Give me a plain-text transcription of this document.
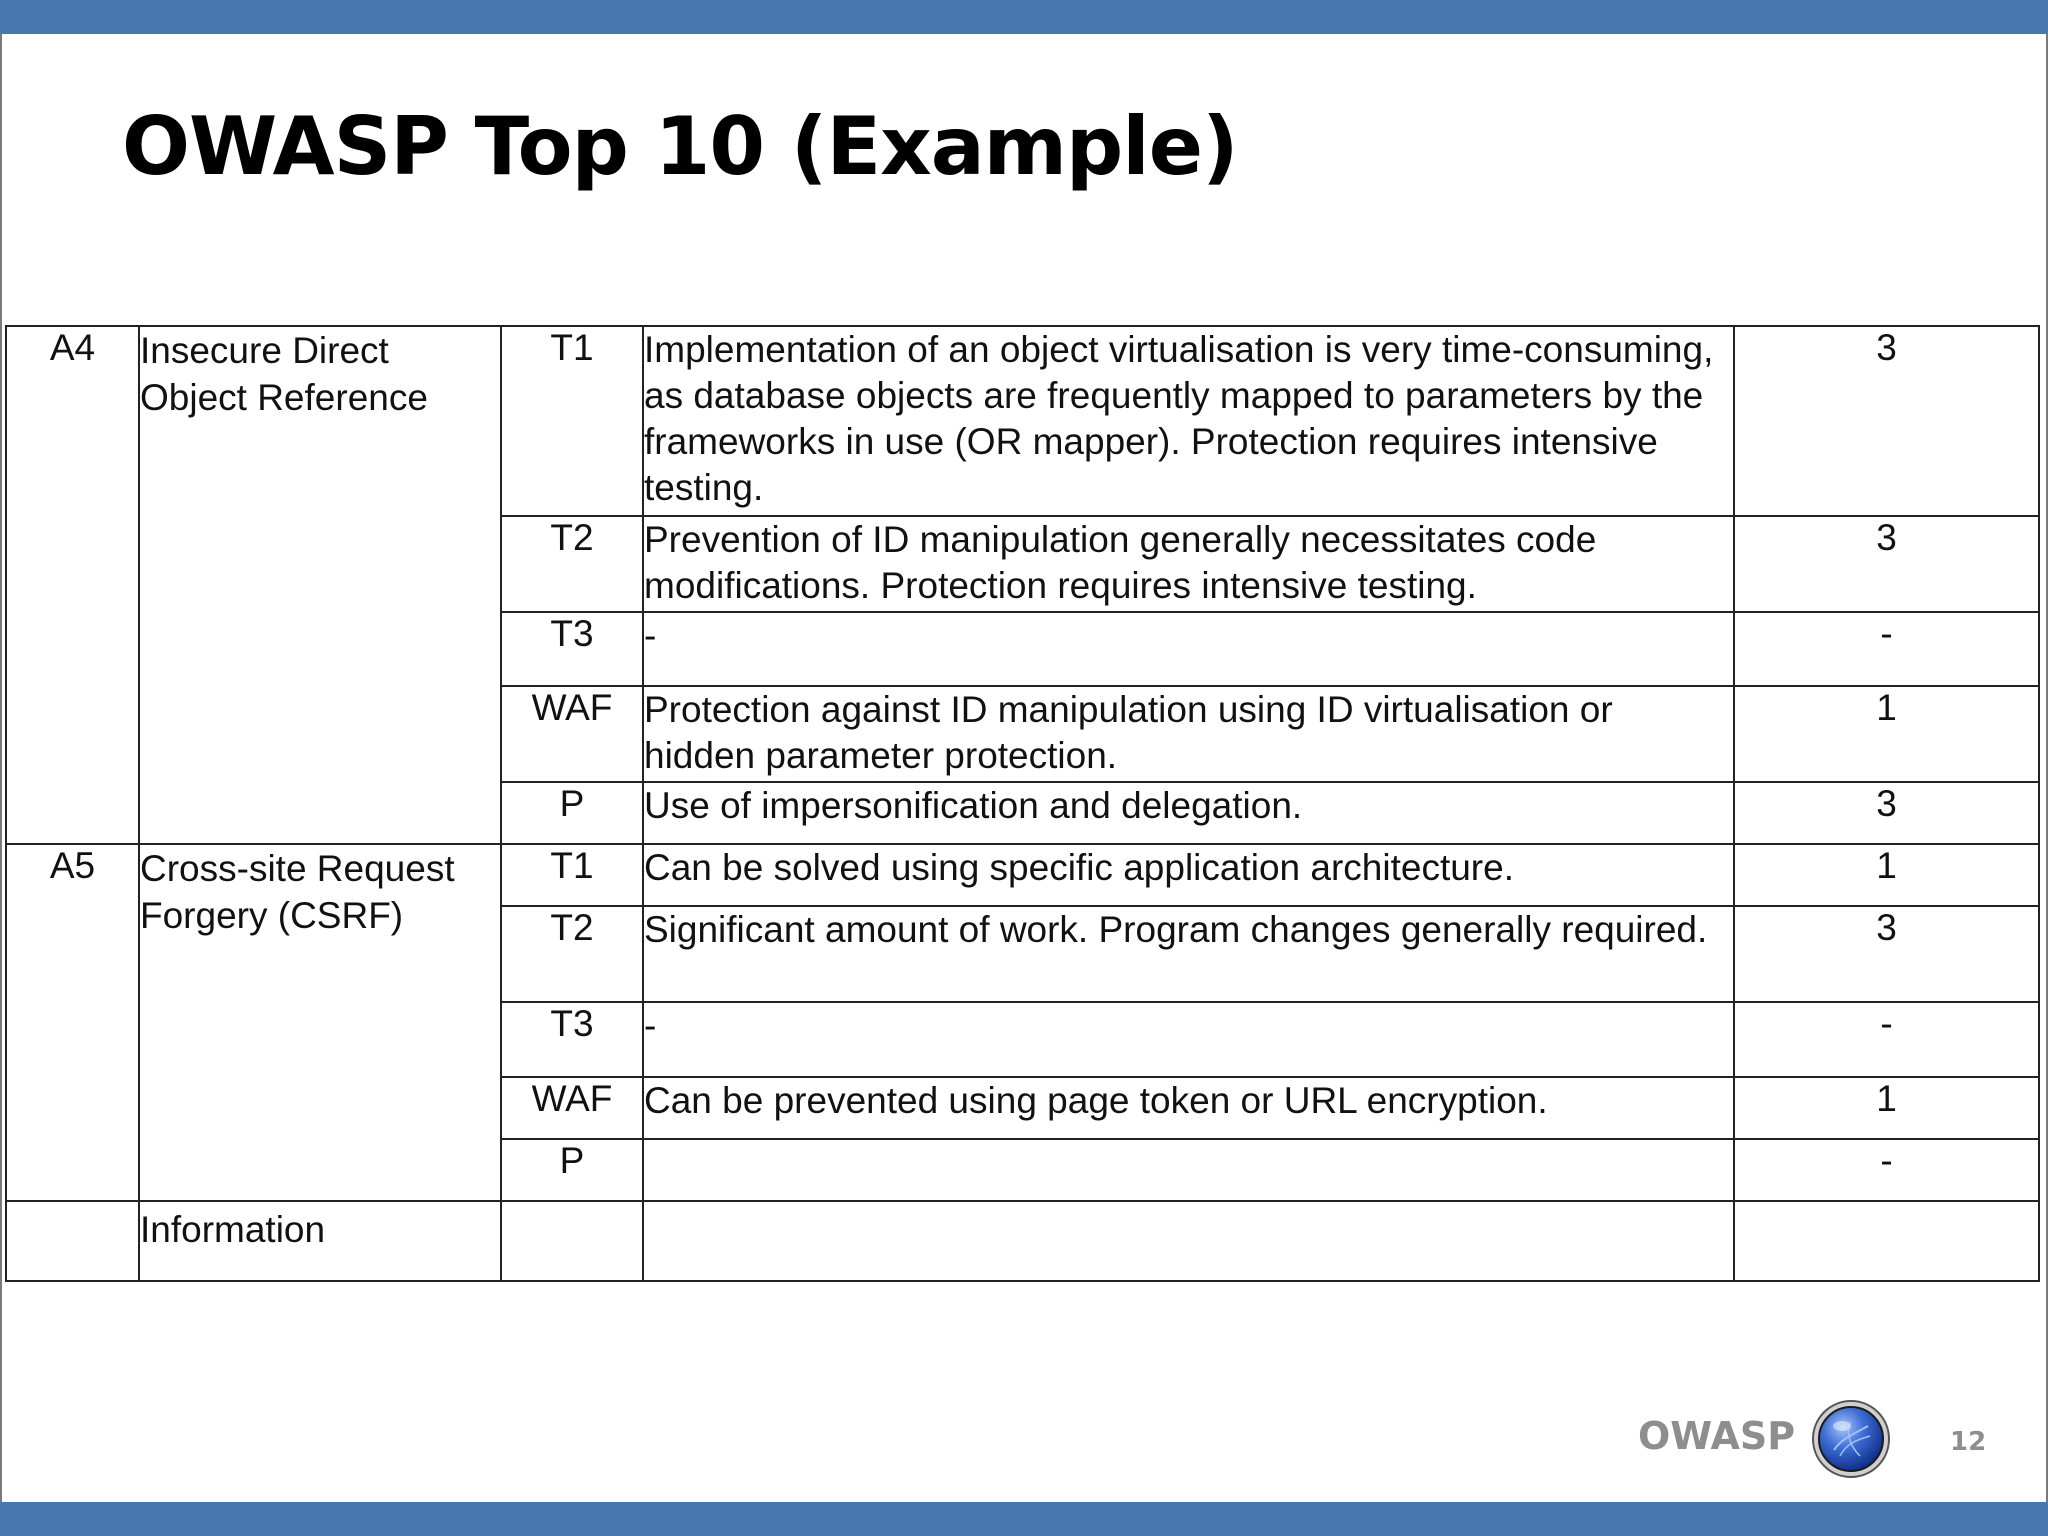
OWASP Top 10 (Example)
A4	Insecure Direct Object Reference	T1	Implementation of an object virtualisation is very time-consuming, as database objects are frequently mapped to parameters by the frameworks in use (OR mapper). Protection requires intensive testing.	3
		T2	Prevention of ID manipulation generally necessitates code modifications. Protection requires intensive testing.	3
		T3	-	-
		WAF	Protection against ID manipulation using ID virtualisation or hidden parameter protection.	1
		P	Use of impersonification and delegation.	3
A5	Cross-site Request Forgery (CSRF)	T1	Can be solved using specific application architecture.	1
		T2	Significant amount of work. Program changes generally required.	3
		T3	-	-
		WAF	Can be prevented using page token or URL encryption.	1
		P		-

	Information			

OWASP	12
